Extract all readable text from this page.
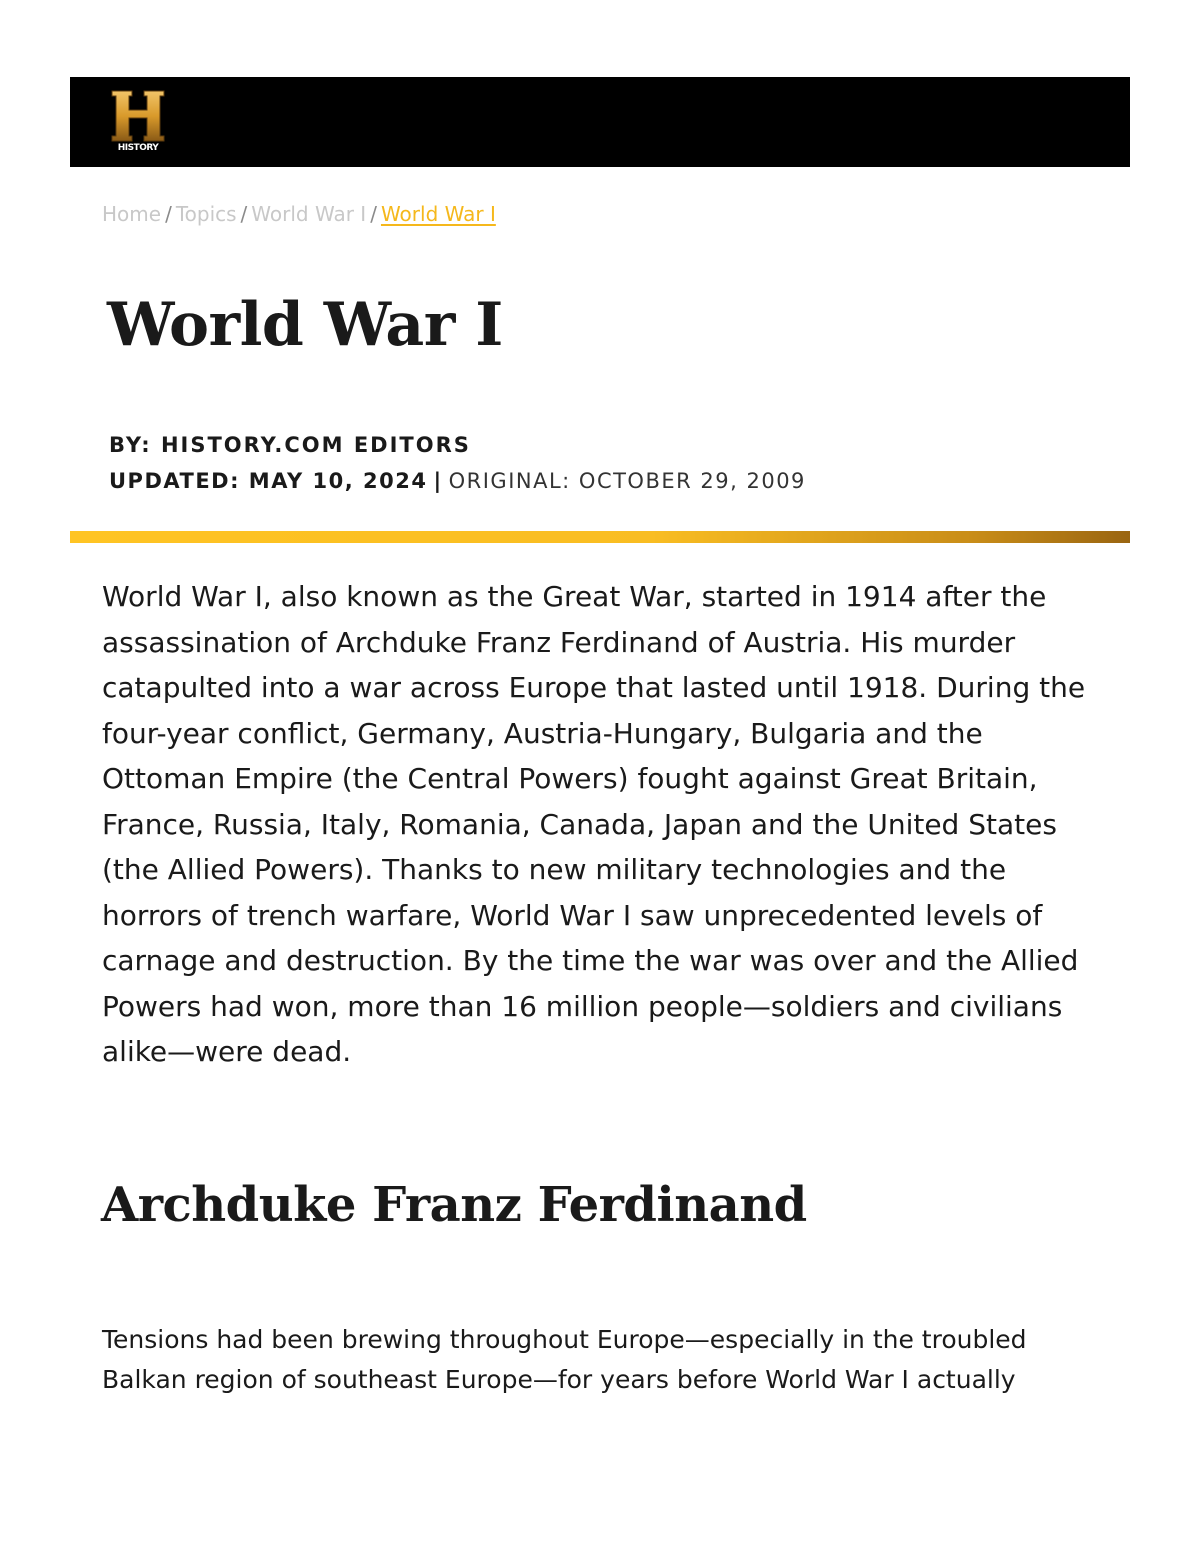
HISTORY
Home / Topics / World War I / World War I
World War I
BY: HISTORY.COM EDITORS
UPDATED: MAY 10, 2024 | ORIGINAL: OCTOBER 29, 2009

World War I, also known as the Great War, started in 1914 after the assassination of Archduke Franz Ferdinand of Austria. His murder catapulted into a war across Europe that lasted until 1918. During the four-year conflict, Germany, Austria-Hungary, Bulgaria and the Ottoman Empire (the Central Powers) fought against Great Britain, France, Russia, Italy, Romania, Canada, Japan and the United States (the Allied Powers). Thanks to new military technologies and the horrors of trench warfare, World War I saw unprecedented levels of carnage and destruction. By the time the war was over and the Allied Powers had won, more than 16 million people—soldiers and civilians alike—were dead.

Archduke Franz Ferdinand

Tensions had been brewing throughout Europe—especially in the troubled Balkan region of southeast Europe—for years before World War I actually
